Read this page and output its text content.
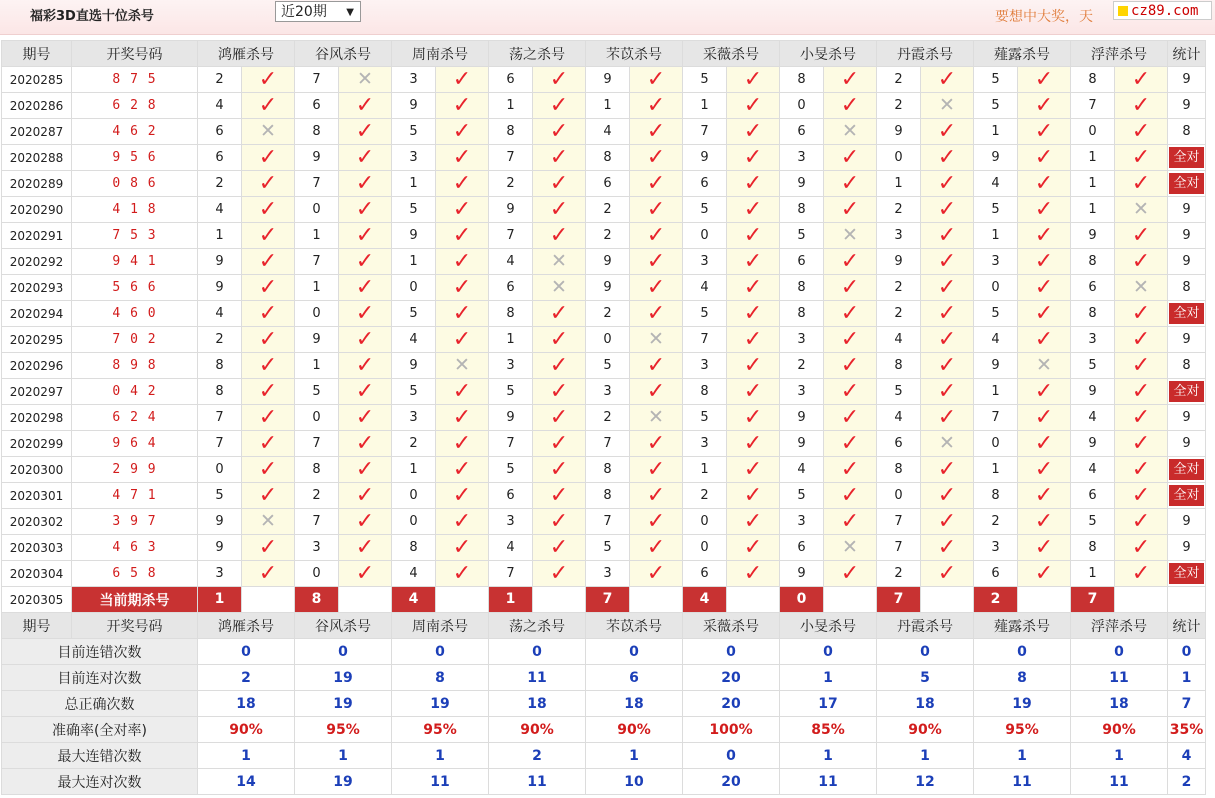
福彩3D直选十位杀号	近20期 ▼	要想中大奖，天	cz89.com
期号	开奖号码	鸿雁杀号		谷风杀号		周南杀号		荡之杀号		芣苡杀号		采薇杀号		小旻杀号		丹霞杀号		薤露杀号		浮萍杀号		统计
2020285	8 7 5	2	✓	7	✕	3	✓	6	✓	9	✓	5	✓	8	✓	2	✓	5	✓	8	✓	9
2020286	6 2 8	4	✓	6	✓	9	✓	1	✓	1	✓	1	✓	0	✓	2	✕	5	✓	7	✓	9
2020287	4 6 2	6	✕	8	✓	5	✓	8	✓	4	✓	7	✓	6	✕	9	✓	1	✓	0	✓	8
2020288	9 5 6	6	✓	9	✓	3	✓	7	✓	8	✓	9	✓	3	✓	0	✓	9	✓	1	✓	全对
2020289	0 8 6	2	✓	7	✓	1	✓	2	✓	6	✓	6	✓	9	✓	1	✓	4	✓	1	✓	全对
2020290	4 1 8	4	✓	0	✓	5	✓	9	✓	2	✓	5	✓	8	✓	2	✓	5	✓	1	✕	9
2020291	7 5 3	1	✓	1	✓	9	✓	7	✓	2	✓	0	✓	5	✕	3	✓	1	✓	9	✓	9
2020292	9 4 1	9	✓	7	✓	1	✓	4	✕	9	✓	3	✓	6	✓	9	✓	3	✓	8	✓	9
2020293	5 6 6	9	✓	1	✓	0	✓	6	✕	9	✓	4	✓	8	✓	2	✓	0	✓	6	✕	8
2020294	4 6 0	4	✓	0	✓	5	✓	8	✓	2	✓	5	✓	8	✓	2	✓	5	✓	8	✓	全对
2020295	7 0 2	2	✓	9	✓	4	✓	1	✓	0	✕	7	✓	3	✓	4	✓	4	✓	3	✓	9
2020296	8 9 8	8	✓	1	✓	9	✕	3	✓	5	✓	3	✓	2	✓	8	✓	9	✕	5	✓	8
2020297	0 4 2	8	✓	5	✓	5	✓	5	✓	3	✓	8	✓	3	✓	5	✓	1	✓	9	✓	全对
2020298	6 2 4	7	✓	0	✓	3	✓	9	✓	2	✕	5	✓	9	✓	4	✓	7	✓	4	✓	9
2020299	9 6 4	7	✓	7	✓	2	✓	7	✓	7	✓	3	✓	9	✓	6	✕	0	✓	9	✓	9
2020300	2 9 9	0	✓	8	✓	1	✓	5	✓	8	✓	1	✓	4	✓	8	✓	1	✓	4	✓	全对
2020301	4 7 1	5	✓	2	✓	0	✓	6	✓	8	✓	2	✓	5	✓	0	✓	8	✓	6	✓	全对
2020302	3 9 7	9	✕	7	✓	0	✓	3	✓	7	✓	0	✓	3	✓	7	✓	2	✓	5	✓	9
2020303	4 6 3	9	✓	3	✓	8	✓	4	✓	5	✓	0	✓	6	✕	7	✓	3	✓	8	✓	9
2020304	6 5 8	3	✓	0	✓	4	✓	7	✓	3	✓	6	✓	9	✓	2	✓	6	✓	1	✓	全对
2020305	当前期杀号	1		8		4		1		7		4		0		7		2		7		

期号	开奖号码	鸿雁杀号		谷风杀号		周南杀号		荡之杀号		芣苡杀号		采薇杀号		小旻杀号		丹霞杀号		薤露杀号		浮萍杀号		统计
目前连错次数		0		0		0		0		0		0		0		0		0		0		0
目前连对次数		2		19		8		11		6		20		1		5		8		11		1
总正确次数		18		19		19		18		18		20		17		18		19		18		7
准确率(全对率)		90%		95%		95%		90%		90%		100%		85%		90%		95%		90%		35%
最大连错次数		1		1		1		2		1		0		1		1		1		1		4
最大连对次数		14		19		11		11		10		20		11		12		11		11		2
